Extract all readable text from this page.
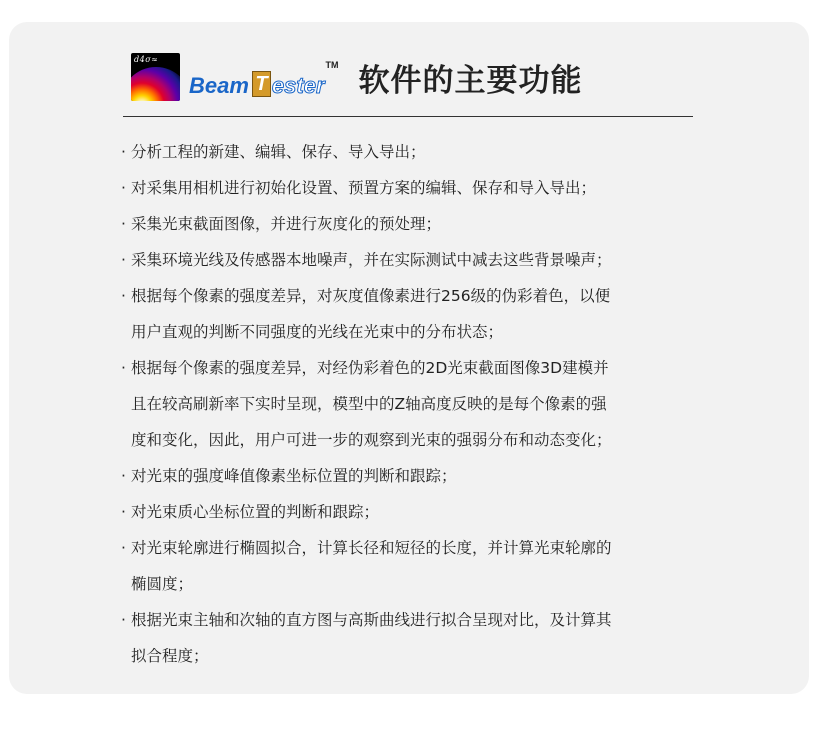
d4σ≈
Beam T ester
TM 软件的主要功能
· 分析工程的新建、编辑、保存、导入导出；
· 对采集用相机进行初始化设置、预置方案的编辑、保存和导入导出；
· 采集光束截面图像，并进行灰度化的预处理；
· 采集环境光线及传感器本地噪声，并在实际测试中减去这些背景噪声；
· 根据每个像素的强度差异，对灰度值像素进行256级的伪彩着色，以便
用户直观的判断不同强度的光线在光束中的分布状态；
· 根据每个像素的强度差异，对经伪彩着色的2D光束截面图像3D建模并
且在较高刷新率下实时呈现，模型中的Z轴高度反映的是每个像素的强
度和变化，因此，用户可进一步的观察到光束的强弱分布和动态变化；
· 对光束的强度峰值像素坐标位置的判断和跟踪；
· 对光束质心坐标位置的判断和跟踪；
· 对光束轮廓进行椭圆拟合，计算长径和短径的长度，并计算光束轮廓的
椭圆度；
· 根据光束主轴和次轴的直方图与高斯曲线进行拟合呈现对比，及计算其
拟合程度；
